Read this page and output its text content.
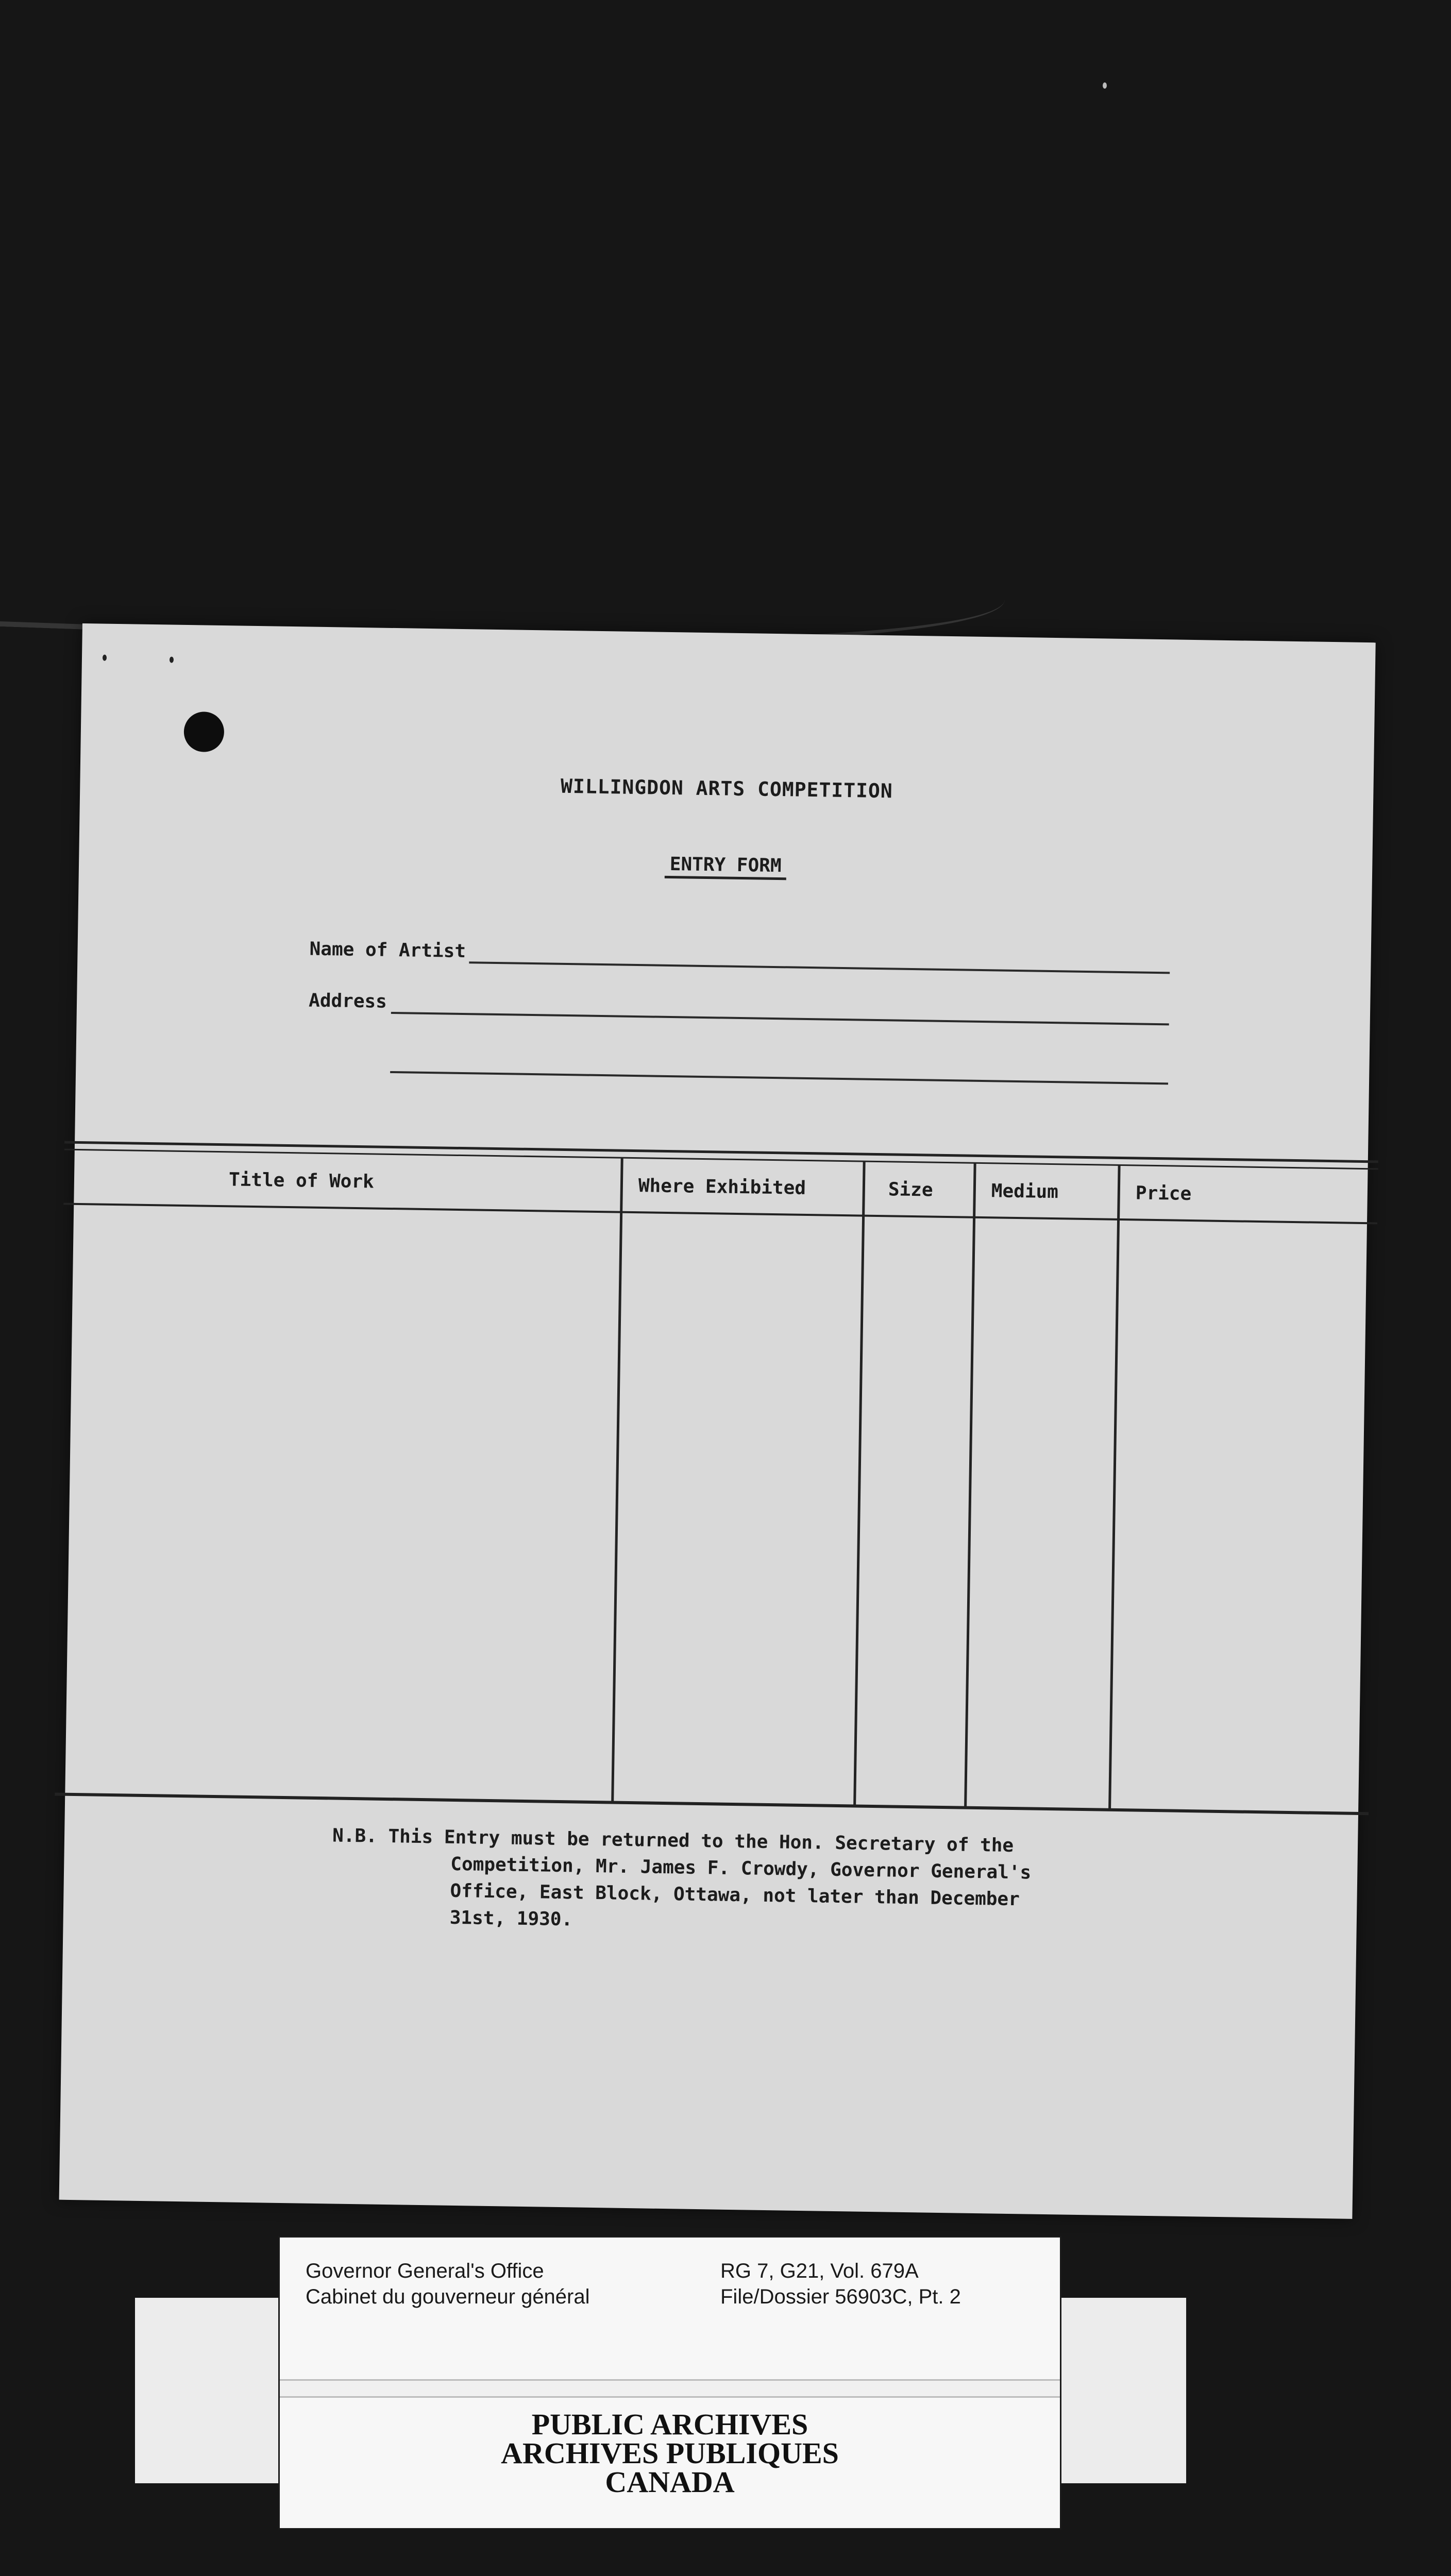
WILLINGDON ARTS COMPETITION
ENTRY FORM
Name of Artist
Address
Title of Work	Where Exhibited	Size	Medium	Price
N.B. This Entry must be returned to the Hon. Secretary of the
Competition, Mr. James F. Crowdy, Governor General's
Office, East Block, Ottawa, not later than December
31st, 1930.
Governor General's Office
Cabinet du gouverneur général
RG 7, G21, Vol. 679A
File/Dossier 56903C, Pt. 2
PUBLIC ARCHIVES
ARCHIVES PUBLIQUES
CANADA
